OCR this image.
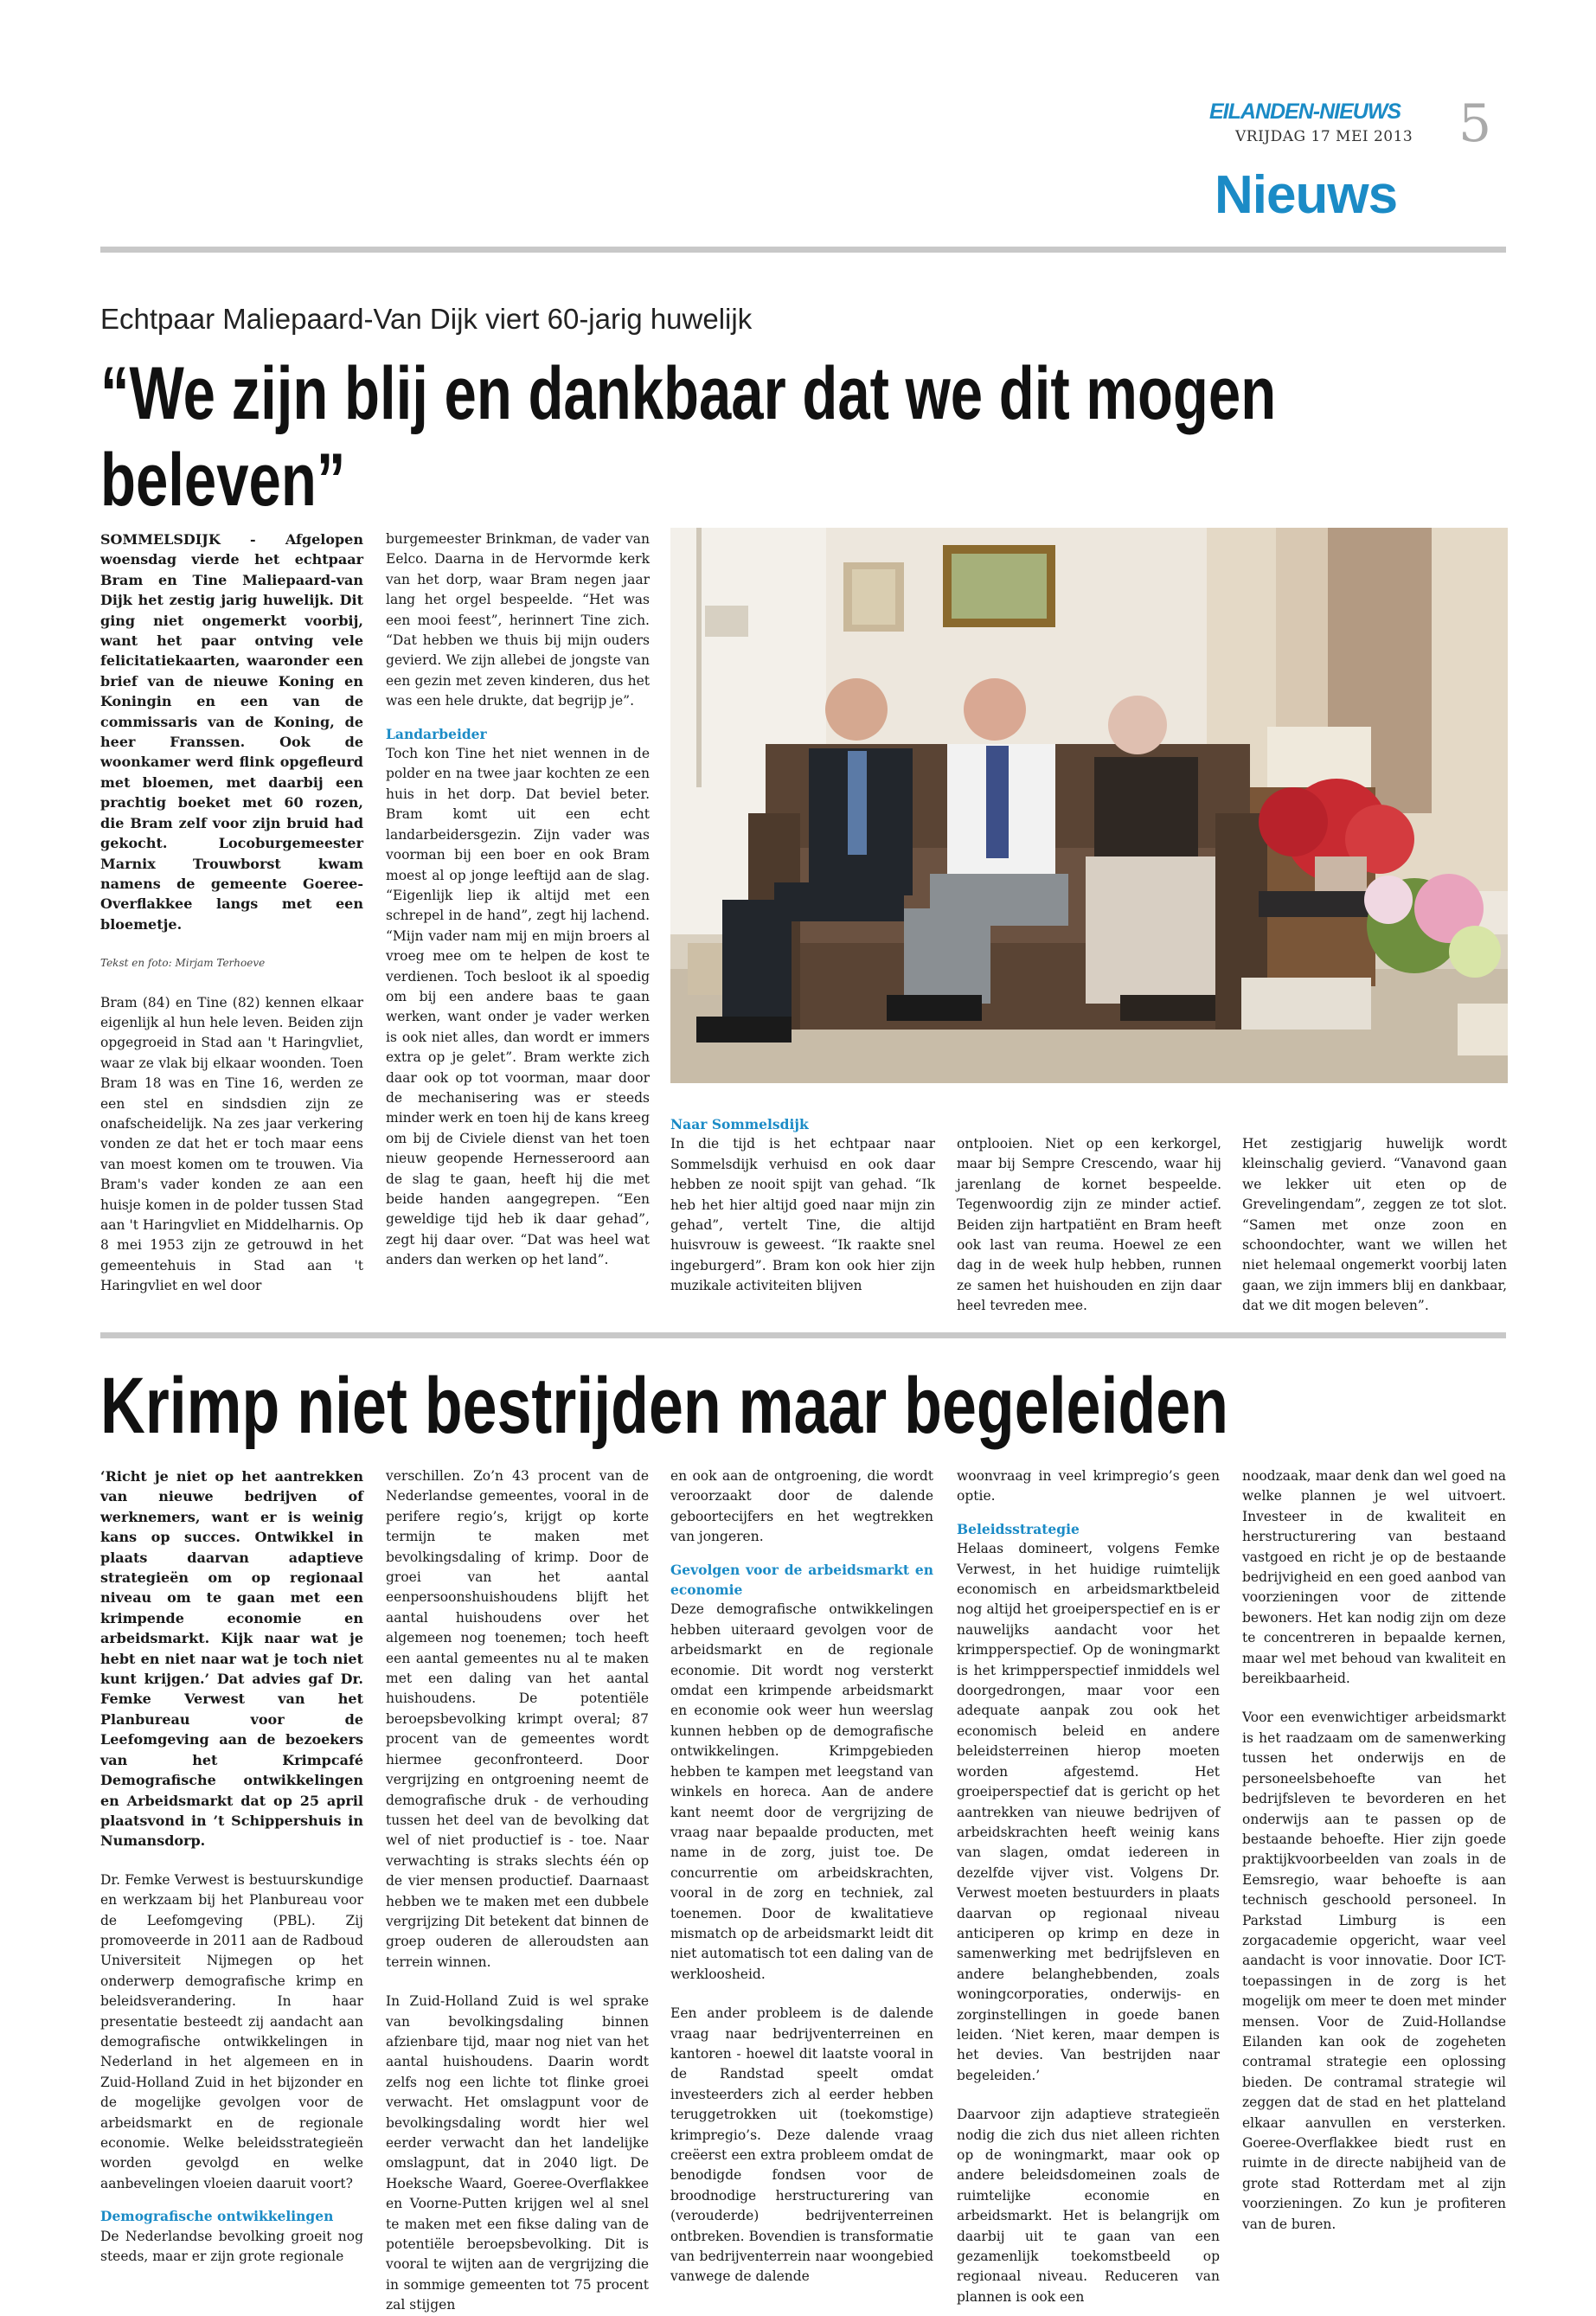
EILANDEN-NIEUWS
VRIJDAG 17 MEI 2013 5
Nieuws
Echtpaar Maliepaard-Van Dijk viert 60-jarig huwelijk
“We zijn blij en dankbaar dat we dit mogen
beleven”

SOMMELSDIJK - Afgelopen woensdag vierde het echtpaar Bram en Tine Maliepaard-van Dijk het zestig jarig huwelijk. Dit ging niet ongemerkt voorbij, want het paar ontving vele felicitatiekaarten, waaronder een brief van de nieuwe Koning en Koningin en een van de commissaris van de Koning, de heer Franssen. Ook de woonkamer werd flink opgefleurd met bloemen, met daarbij een prachtig boeket met 60 rozen, die Bram zelf voor zijn bruid had gekocht. Locoburgemeester Marnix Trouwborst kwam namens de gemeente Goeree-Overflakkee langs met een bloemetje.

Tekst en foto: Mirjam Terhoeve

Bram (84) en Tine (82) kennen elkaar eigenlijk al hun hele leven. Beiden zijn opgegroeid in Stad aan 't Haringvliet, waar ze vlak bij elkaar woonden. Toen Bram 18 was en Tine 16, werden ze een stel en sindsdien zijn ze onafscheidelijk. Na zes jaar verkering vonden ze dat het er toch maar eens van moest komen om te trouwen. Via Bram's vader konden ze aan een huisje komen in de polder tussen Stad aan 't Haringvliet en Middelharnis. Op 8 mei 1953 zijn ze getrouwd in het gemeentehuis in Stad aan 't Haringvliet en wel door

burgemeester Brinkman, de vader van Eelco. Daarna in de Hervormde kerk van het dorp, waar Bram negen jaar lang het orgel bespeelde. “Het was een mooi feest”, herinnert Tine zich. “Dat hebben we thuis bij mijn ouders gevierd. We zijn allebei de jongste van een gezin met zeven kinderen, dus het was een hele drukte, dat begrijp je”.

Landarbeider

Toch kon Tine het niet wennen in de polder en na twee jaar kochten ze een huis in het dorp. Dat beviel beter. Bram komt uit een echt landarbeidersgezin. Zijn vader was voorman bij een boer en ook Bram moest al op jonge leeftijd aan de slag. “Eigenlijk liep ik altijd met een schrepel in de hand”, zegt hij lachend. “Mijn vader nam mij en mijn broers al vroeg mee om te helpen de kost te verdienen. Toch besloot ik al spoedig om bij een andere baas te gaan werken, want onder je vader werken is ook niet alles, dan wordt er immers extra op je gelet”. Bram werkte zich daar ook op tot voorman, maar door de mechanisering was er steeds minder werk en toen hij de kans kreeg om bij de Civiele dienst van het toen nieuw geopende Hernesseroord aan de slag te gaan, heeft hij die met beide handen aangegrepen. “Een geweldige tijd heb ik daar gehad”, zegt hij daar over. “Dat was heel wat anders dan werken op het land”.

Naar Sommelsdijk

In die tijd is het echtpaar naar Sommelsdijk verhuisd en ook daar hebben ze nooit spijt van gehad. “Ik heb het hier altijd goed naar mijn zin gehad”, vertelt Tine, die altijd huisvrouw is geweest. “Ik raakte snel ingeburgerd”. Bram kon ook hier zijn muzikale activiteiten blijven

ontplooien. Niet op een kerkorgel, maar bij Sempre Crescendo, waar hij jarenlang de kornet bespeelde. Tegenwoordig zijn ze minder actief. Beiden zijn hartpatiënt en Bram heeft ook last van reuma. Hoewel ze een dag in de week hulp hebben, runnen ze samen het huishouden en zijn daar heel tevreden mee.

Het zestigjarig huwelijk wordt kleinschalig gevierd. “Vanavond gaan we lekker uit eten op de Grevelingendam”, zeggen ze tot slot. “Samen met onze zoon en schoondochter, want we willen het niet helemaal ongemerkt voorbij laten gaan, we zijn immers blij en dankbaar, dat we dit mogen beleven”.

Krimp niet bestrijden maar begeleiden

‘Richt je niet op het aantrekken van nieuwe bedrijven of werknemers, want er is weinig kans op succes. Ontwikkel in plaats daarvan adaptieve strategieën om op regionaal niveau om te gaan met een krimpende economie en arbeidsmarkt. Kijk naar wat je hebt en niet naar wat je toch niet kunt krijgen.’ Dat advies gaf Dr. Femke Verwest van het Planbureau voor de Leefomgeving aan de bezoekers van het Krimpcafé Demografische ontwikkelingen en Arbeidsmarkt dat op 25 april plaatsvond in ’t Schippershuis in Numansdorp.

Dr. Femke Verwest is bestuurskundige en werkzaam bij het Planbureau voor de Leefomgeving (PBL). Zij promoveerde in 2011 aan de Radboud Universiteit Nijmegen op het onderwerp demografische krimp en beleidsverandering. In haar presentatie besteedt zij aandacht aan demografische ontwikkelingen in Nederland in het algemeen en in Zuid-Holland Zuid in het bijzonder en de mogelijke gevolgen voor de arbeidsmarkt en de regionale economie. Welke beleidsstrategieën worden gevolgd en welke aanbevelingen vloeien daaruit voort?

Demografische ontwikkelingen

De Nederlandse bevolking groeit nog steeds, maar er zijn grote regionale

verschillen. Zo’n 43 procent van de Nederlandse gemeentes, vooral in de perifere regio’s, krijgt op korte termijn te maken met bevolkingsdaling of krimp. Door de groei van het aantal eenpersoonshuishoudens blijft het aantal huishoudens over het algemeen nog toenemen; toch heeft een aantal gemeentes nu al te maken met een daling van het aantal huishoudens. De potentiële beroepsbevolking krimpt overal; 87 procent van de gemeentes wordt hiermee geconfronteerd. Door vergrijzing en ontgroening neemt de demografische druk - de verhouding tussen het deel van de bevolking dat wel of niet productief is - toe. Naar verwachting is straks slechts één op de vier mensen productief. Daarnaast hebben we te maken met een dubbele vergrijzing Dit betekent dat binnen de groep ouderen de alleroudsten aan terrein winnen.

In Zuid-Holland Zuid is wel sprake van bevolkingsdaling binnen afzienbare tijd, maar nog niet van het aantal huishoudens. Daarin wordt zelfs nog een lichte tot flinke groei verwacht. Het omslagpunt voor de bevolkingsdaling wordt hier wel eerder verwacht dan het landelijke omslagpunt, dat in 2040 ligt. De Hoeksche Waard, Goeree-Overflakkee en Voorne-Putten krijgen wel al snel te maken met een fikse daling van de potentiële beroepsbevolking. Dit is vooral te wijten aan de vergrijzing die in sommige gemeenten tot 75 procent zal stijgen

en ook aan de ontgroening, die wordt veroorzaakt door de dalende geboortecijfers en het wegtrekken van jongeren.

Gevolgen voor de arbeidsmarkt en economie

Deze demografische ontwikkelingen hebben uiteraard gevolgen voor de arbeidsmarkt en de regionale economie. Dit wordt nog versterkt omdat een krimpende arbeidsmarkt en economie ook weer hun weerslag kunnen hebben op de demografische ontwikkelingen. Krimpgebieden hebben te kampen met leegstand van winkels en horeca. Aan de andere kant neemt door de vergrijzing de vraag naar bepaalde producten, met name in de zorg, juist toe. De concurrentie om arbeidskrachten, vooral in de zorg en techniek, zal toenemen. Door de kwalitatieve mismatch op de arbeidsmarkt leidt dit niet automatisch tot een daling van de werkloosheid.

Een ander probleem is de dalende vraag naar bedrijventerreinen en kantoren - hoewel dit laatste vooral in de Randstad speelt omdat investeerders zich al eerder hebben teruggetrokken uit (toekomstige) krimpregio’s. Deze dalende vraag creëerst een extra probleem omdat de benodigde fondsen voor de broodnodige herstructurering van (verouderde) bedrijventerreinen ontbreken. Bovendien is transformatie van bedrijventerrein naar woongebied vanwege de dalende

woonvraag in veel krimpregio’s geen optie.

Beleidsstrategie

Helaas domineert, volgens Femke Verwest, in het huidige ruimtelijk economisch en arbeidsmarktbeleid nog altijd het groeiperspectief en is er nauwelijks aandacht voor het krimpperspectief. Op de woningmarkt is het krimpperspectief inmiddels wel doorgedrongen, maar voor een adequate aanpak zou ook het economisch beleid en andere beleidsterreinen hierop moeten worden afgestemd. Het groeiperspectief dat is gericht op het aantrekken van nieuwe bedrijven of arbeidskrachten heeft weinig kans van slagen, omdat iedereen in dezelfde vijver vist. Volgens Dr. Verwest moeten bestuurders in plaats daarvan op regionaal niveau anticiperen op krimp en deze in samenwerking met bedrijfsleven en andere belanghebbenden, zoals woningcorporaties, onderwijs- en zorginstellingen in goede banen leiden. ‘Niet keren, maar dempen is het devies. Van bestrijden naar begeleiden.’

Daarvoor zijn adaptieve strategieën nodig die zich dus niet alleen richten op de woningmarkt, maar ook op andere beleidsdomeinen zoals de ruimtelijke economie en arbeidsmarkt. Het is belangrijk om daarbij uit te gaan van een gezamenlijk toekomstbeeld op regionaal niveau. Reduceren van plannen is ook een

noodzaak, maar denk dan wel goed na welke plannen je wel uitvoert. Investeer in de kwaliteit en herstructurering van bestaand vastgoed en richt je op de bestaande bedrijvigheid en een goed aanbod van voorzieningen voor de zittende bewoners. Het kan nodig zijn om deze te concentreren in bepaalde kernen, maar wel met behoud van kwaliteit en bereikbaarheid.

Voor een evenwichtiger arbeidsmarkt is het raadzaam om de samenwerking tussen het onderwijs en de personeelsbehoefte van het bedrijfsleven te bevorderen en het onderwijs aan te passen op de bestaande behoefte. Hier zijn goede praktijkvoorbeelden van zoals in de Eemsregio, waar behoefte is aan technisch geschoold personeel. In Parkstad Limburg is een zorgacademie opgericht, waar veel aandacht is voor innovatie. Door ICT-toepassingen in de zorg is het mogelijk om meer te doen met minder mensen. Voor de Zuid-Hollandse Eilanden kan ook de zogeheten contramal strategie een oplossing bieden. De contramal strategie wil zeggen dat de stad en het platteland elkaar aanvullen en versterken. Goeree-Overflakkee biedt rust en ruimte in de directe nabijheid van de grote stad Rotterdam met al zijn voorzieningen. Zo kun je profiteren van de buren.
